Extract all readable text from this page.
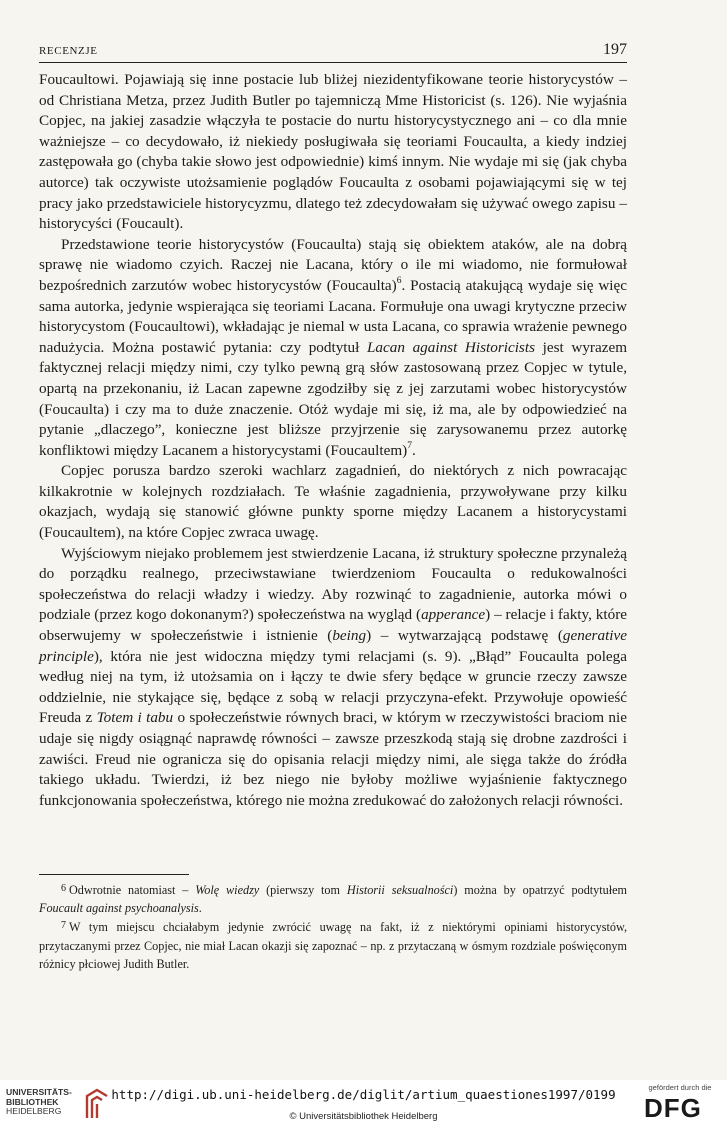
RECENZJE	197

Foucaultowi. Pojawiają się inne postacie lub bliżej niezidentyfikowane teorie historycystów – od Christiana Metza, przez Judith Butler po tajemniczą Mme Historicist (s. 126). Nie wyjaśnia Copjec, na jakiej zasadzie włączyła te postacie do nurtu historycystycznego ani – co dla mnie ważniejsze – co decydowało, iż niekiedy posługiwała się teoriami Foucaulta, a kiedy indziej zastępowała go (chyba takie słowo jest odpowiednie) kimś innym. Nie wydaje mi się (jak chyba autorce) tak oczywiste utożsamienie poglądów Foucaulta z osobami pojawiającymi się w tej pracy jako przedstawiciele historycyzmu, dlatego też zdecydowałam się używać owego zapisu – historycyści (Foucault).

Przedstawione teorie historycystów (Foucaulta) stają się obiektem ataków, ale na dobrą sprawę nie wiadomo czyich. Raczej nie Lacana, który o ile mi wiadomo, nie formułował bezpośrednich zarzutów wobec historycystów (Foucaulta)$^6$. Postacią atakującą wydaje się więc sama autorka, jedynie wspierająca się teoriami Lacana. Formułuje ona uwagi krytyczne przeciw historycystom (Foucaultowi), wkładając je niemal w usta Lacana, co sprawia wrażenie pewnego nadużycia. Można postawić pytania: czy podtytuł Lacan against Historicists jest wyrazem faktycznej relacji między nimi, czy tylko pewną grą słów zastosowaną przez Copjec w tytule, opartą na przekonaniu, iż Lacan zapewne zgodziłby się z jej zarzutami wobec historycystów (Foucaulta) i czy ma to duże znaczenie. Otóż wydaje mi się, iż ma, ale by odpowiedzieć na pytanie „dlaczego”, konieczne jest bliższe przyjrzenie się zarysowanemu przez autorkę konfliktowi między Lacanem a historycystami (Foucaultem)$^7$.

Copjec porusza bardzo szeroki wachlarz zagadnień, do niektórych z nich powracając kilkakrotnie w kolejnych rozdziałach. Te właśnie zagadnienia, przywoływane przy kilku okazjach, wydają się stanowić główne punkty sporne między Lacanem a historycystami (Foucaultem), na które Copjec zwraca uwagę.

Wyjściowym niejako problemem jest stwierdzenie Lacana, iż struktury społeczne przynależą do porządku realnego, przeciwstawiane twierdzeniom Foucaulta o redukowalności społeczeństwa do relacji władzy i wiedzy. Aby rozwinąć to zagadnienie, autorka mówi o podziale (przez kogo dokonanym?) społeczeństwa na wygląd (apperance) – relacje i fakty, które obserwujemy w społeczeństwie i istnienie (being) – wytwarzającą podstawę (generative principle), która nie jest widoczna między tymi relacjami (s. 9). „Błąd” Foucaulta polega według niej na tym, iż utożsamia on i łączy te dwie sfery będące w gruncie rzeczy zawsze oddzielnie, nie stykające się, będące z sobą w relacji przyczyna-efekt. Przywołuje opowieść Freuda z Totem i tabu o społeczeństwie równych braci, w którym w rzeczywistości braciom nie udaje się nigdy osiągnąć naprawdę równości – zawsze przeszkodą stają się drobne zazdrości i zawiści. Freud nie ogranicza się do opisania relacji między nimi, ale sięga także do źródła takiego układu. Twierdzi, iż bez niego nie byłoby możliwe wyjaśnienie faktycznego funkcjonowania społeczeństwa, którego nie można zredukować do założonych relacji równości.

$^6$ Odwrotnie natomiast – Wolę wiedzy (pierwszy tom Historii seksualności) można by opatrzyć podtytułem Foucault against psychoanalysis.

$^7$ W tym miejscu chciałabym jedynie zwrócić uwagę na fakt, iż z niektórymi opiniami historycystów, przytaczanymi przez Copjec, nie miał Lacan okazji się zapoznać – np. z przytaczaną w ósmym rozdziale poświęconym różnicy płciowej Judith Butler.

UNIVERSITÄTS-
BIBLIOTHEK
HEIDELBERG
http://digi.ub.uni-heidelberg.de/diglit/artium_quaestiones1997/0199
© Universitätsbibliothek Heidelberg
gefördert durch die
DFG
